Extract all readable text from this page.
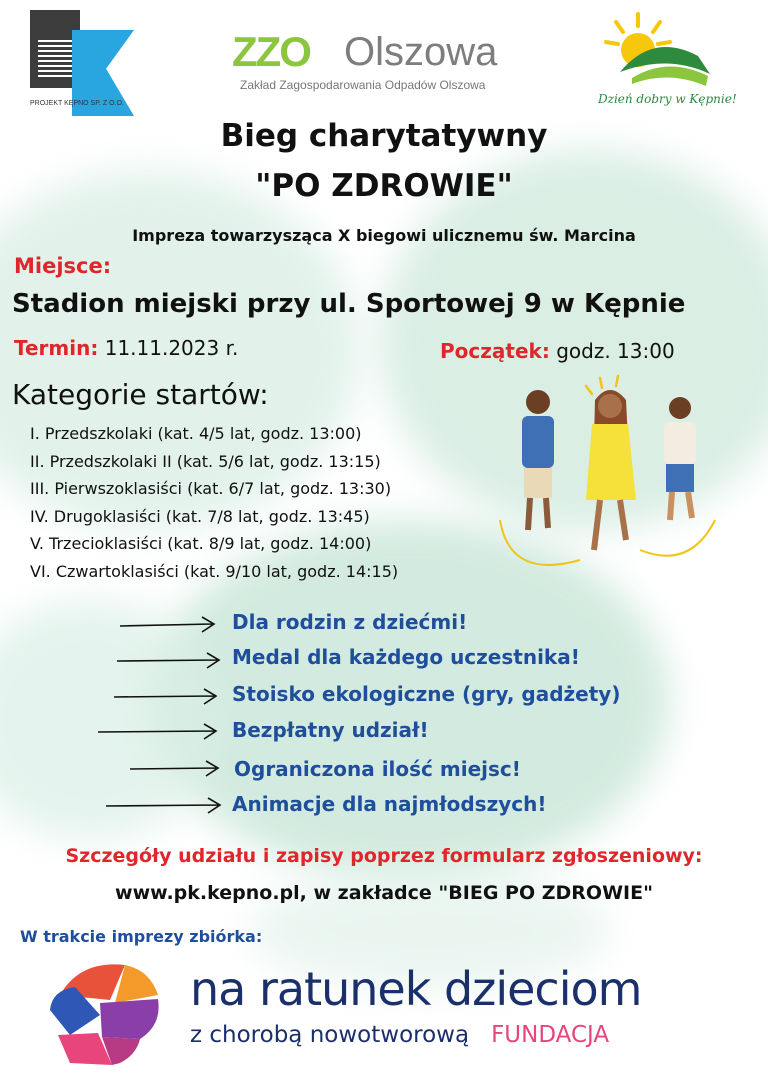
PROJEKT KĘPNO SP. Z O.O.
ZZO Olszowa
Zakład Zagospodarowania Odpadów Olszowa
Dzień dobry w Kępnie!
Bieg charytatywny
"PO ZDROWIE"
Impreza towarzysząca X biegowi ulicznemu św. Marcina
Miejsce:
Stadion miejski przy ul. Sportowej 9 w Kępnie
Termin: 11.11.2023 r.	Początek: godz. 13:00
Kategorie startów:
I. Przedszkolaki (kat. 4/5 lat, godz. 13:00)
II. Przedszkolaki II (kat. 5/6 lat, godz. 13:15)
III. Pierwszoklasiści (kat. 6/7 lat, godz. 13:30)
IV. Drugoklasiści (kat. 7/8 lat, godz. 13:45)
V. Trzecioklasiści (kat. 8/9 lat, godz. 14:00)
VI. Czwartoklasiści (kat. 9/10 lat, godz. 14:15)
Dla rodzin z dziećmi!
Medal dla każdego uczestnika!
Stoisko ekologiczne (gry, gadżety)
Bezpłatny udział!
Ograniczona ilość miejsc!
Animacje dla najmłodszych!
Szczegóły udziału i zapisy poprzez formularz zgłoszeniowy:
www.pk.kepno.pl, w zakładce "BIEG PO ZDROWIE"
W trakcie imprezy zbiórka:
na ratunek dzieciom
z chorobą nowotworową FUNDACJA
